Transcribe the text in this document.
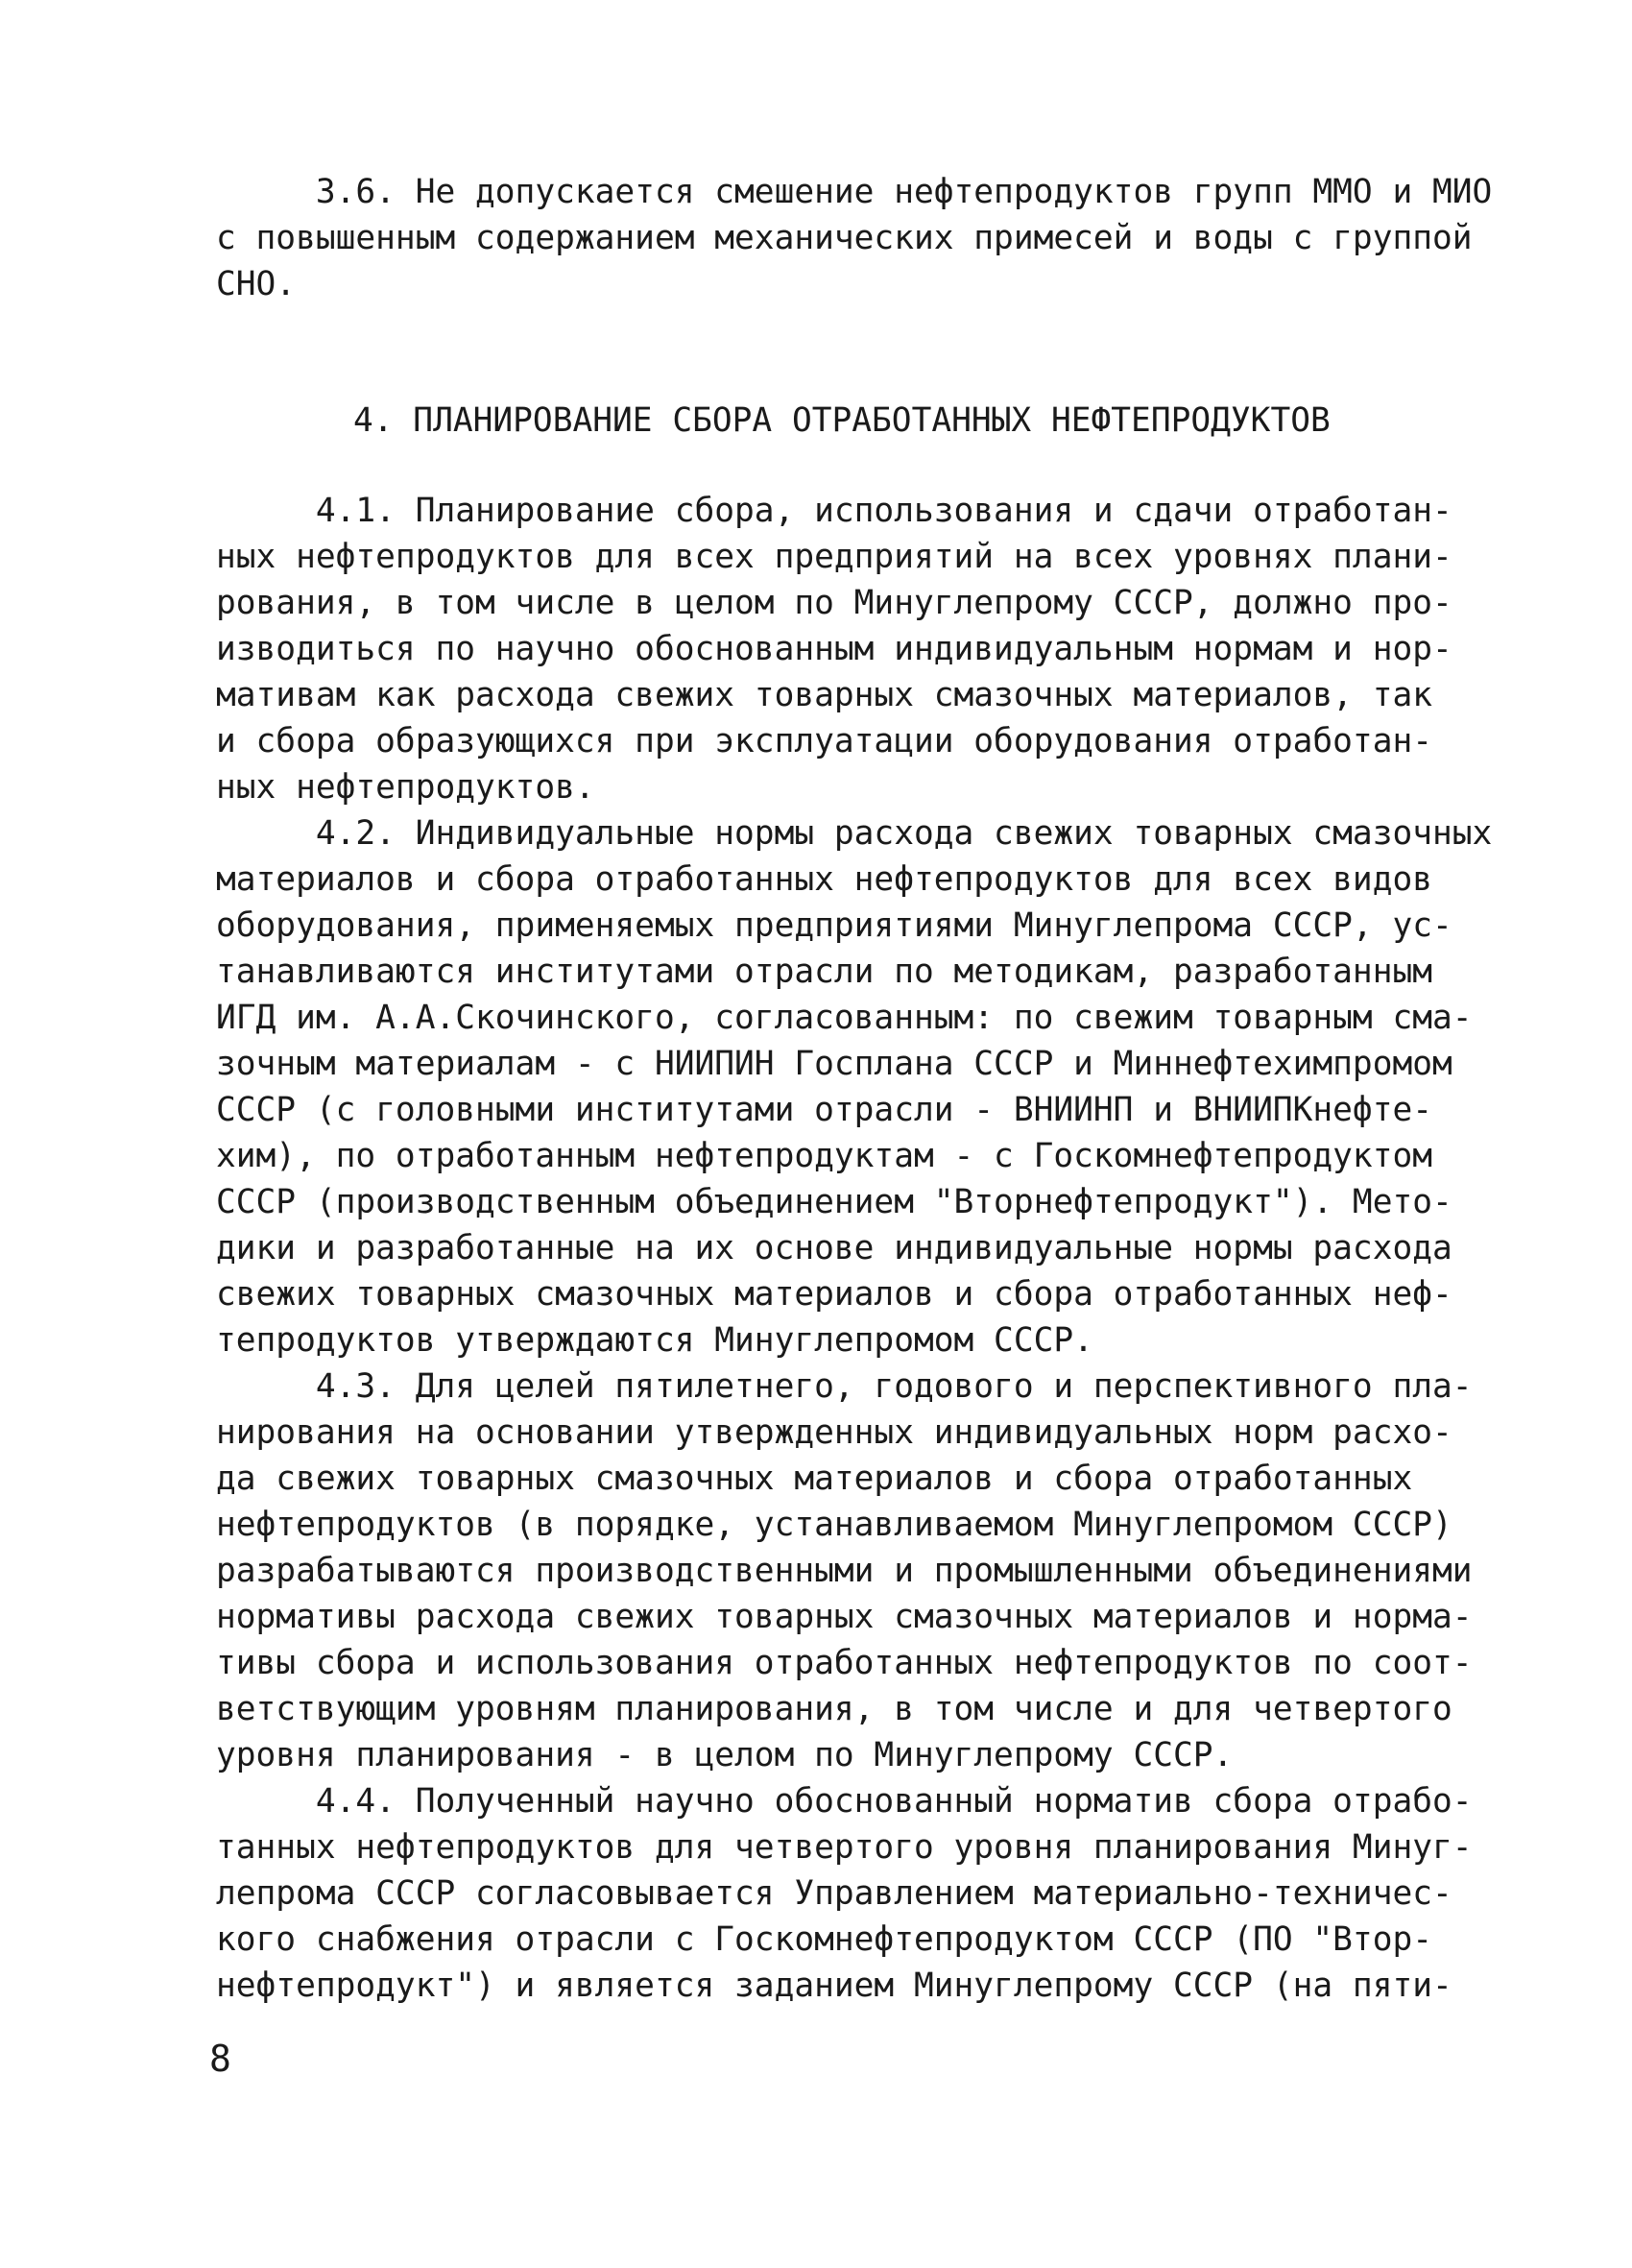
3.6. Не допускается смешение нефтепродуктов групп ММО и МИО
с повышенным содержанием механических примесей и воды с группой
СНО.
4. ПЛАНИРОВАНИЕ СБОРА ОТРАБОТАННЫХ НЕФТЕПРОДУКТОВ
4.1. Планирование сбора, использования и сдачи отработан-
ных нефтепродуктов для всех предприятий на всех уровнях плани-
рования, в том числе в целом по Минуглепрому СССР, должно про-
изводиться по научно обоснованным индивидуальным нормам и нор-
мативам как расхода свежих товарных смазочных материалов, так
и сбора образующихся при эксплуатации оборудования отработан-
ных нефтепродуктов.
4.2. Индивидуальные нормы расхода свежих товарных смазочных
материалов и сбора отработанных нефтепродуктов для всех видов
оборудования, применяемых предприятиями Минуглепрома СССР, ус-
танавливаются институтами отрасли по методикам, разработанным
ИГД им. А.А.Скочинского, согласованным: по свежим товарным сма-
зочным материалам - с НИИПИН Госплана СССР и Миннефтехимпромом
СССР (с головными институтами отрасли - ВНИИНП и ВНИИПКнефте-
хим), по отработанным нефтепродуктам - с Госкомнефтепродуктом
СССР (производственным объединением "Вторнефтепродукт"). Мето-
дики и разработанные на их основе индивидуальные нормы расхода
свежих товарных смазочных материалов и сбора отработанных неф-
тепродуктов утверждаются Минуглепромом СССР.
4.3. Для целей пятилетнего, годового и перспективного пла-
нирования на основании утвержденных индивидуальных норм расхо-
да свежих товарных смазочных материалов и сбора отработанных
нефтепродуктов (в порядке, устанавливаемом Минуглепромом СССР)
разрабатываются производственными и промышленными объединениями
нормативы расхода свежих товарных смазочных материалов и норма-
тивы сбора и использования отработанных нефтепродуктов по соот-
ветствующим уровням планирования, в том числе и для четвертого
уровня планирования - в целом по Минуглепрому СССР.
4.4. Полученный научно обоснованный норматив сбора отрабо-
танных нефтепродуктов для четвертого уровня планирования Минуг-
лепрома СССР согласовывается Управлением материально-техничес-
кого снабжения отрасли с Госкомнефтепродуктом СССР (ПО "Втор-
нефтепродукт") и является заданием Минуглепрому СССР (на пяти-
8
